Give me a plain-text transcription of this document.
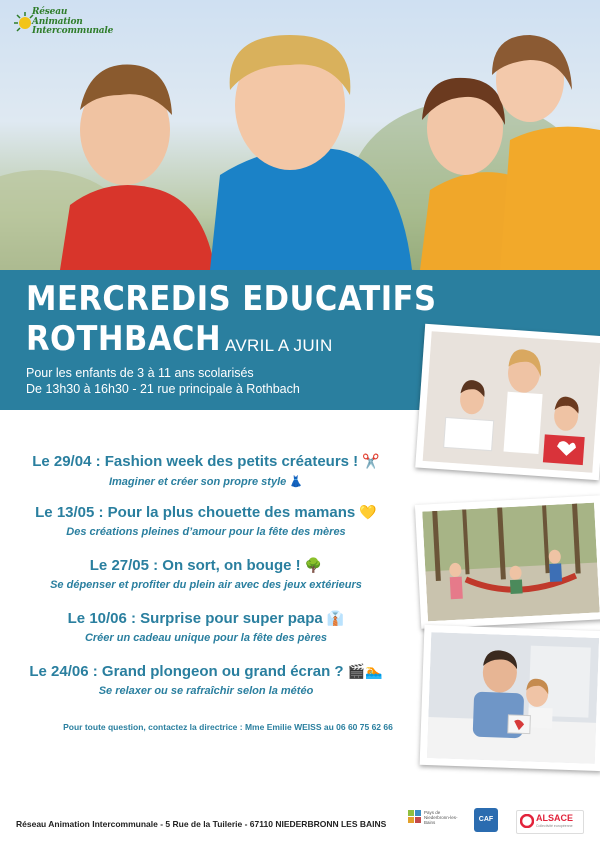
Réseau
Animation
Intercommunale
MERCREDIS EDUCATIFS
ROTHBACH AVRIL A JUIN
Pour les enfants de 3 à 11 ans scolarisés
De 13h30 à 16h30 - 21 rue principale à Rothbach
Le 29/04 : Fashion week des petits créateurs ! ✂️
Imaginer et créer son propre style 👗
Le 13/05 : Pour la plus chouette des mamans 💛
Des créations pleines d’amour pour la fête des mères
Le 27/05 : On sort, on bouge ! 🌳
Se dépenser et profiter du plein air avec des jeux extérieurs
Le 10/06 : Surprise pour super papa 👔
Créer un cadeau unique pour la fête des pères
Le 24/06 : Grand plongeon ou grand écran ? 🎬🏊
Se relaxer ou se rafraîchir selon la météo
Pour toute question, contactez la directrice : Mme Emilie WEISS au 06 60 75 62 66
Réseau Animation Intercommunale - 5 Rue de la Tuilerie - 67110 NIEDERBRONN LES BAINS
Pays de Niederbronn-les-Bains	CAF	ALSACE
Collectivité européenne
